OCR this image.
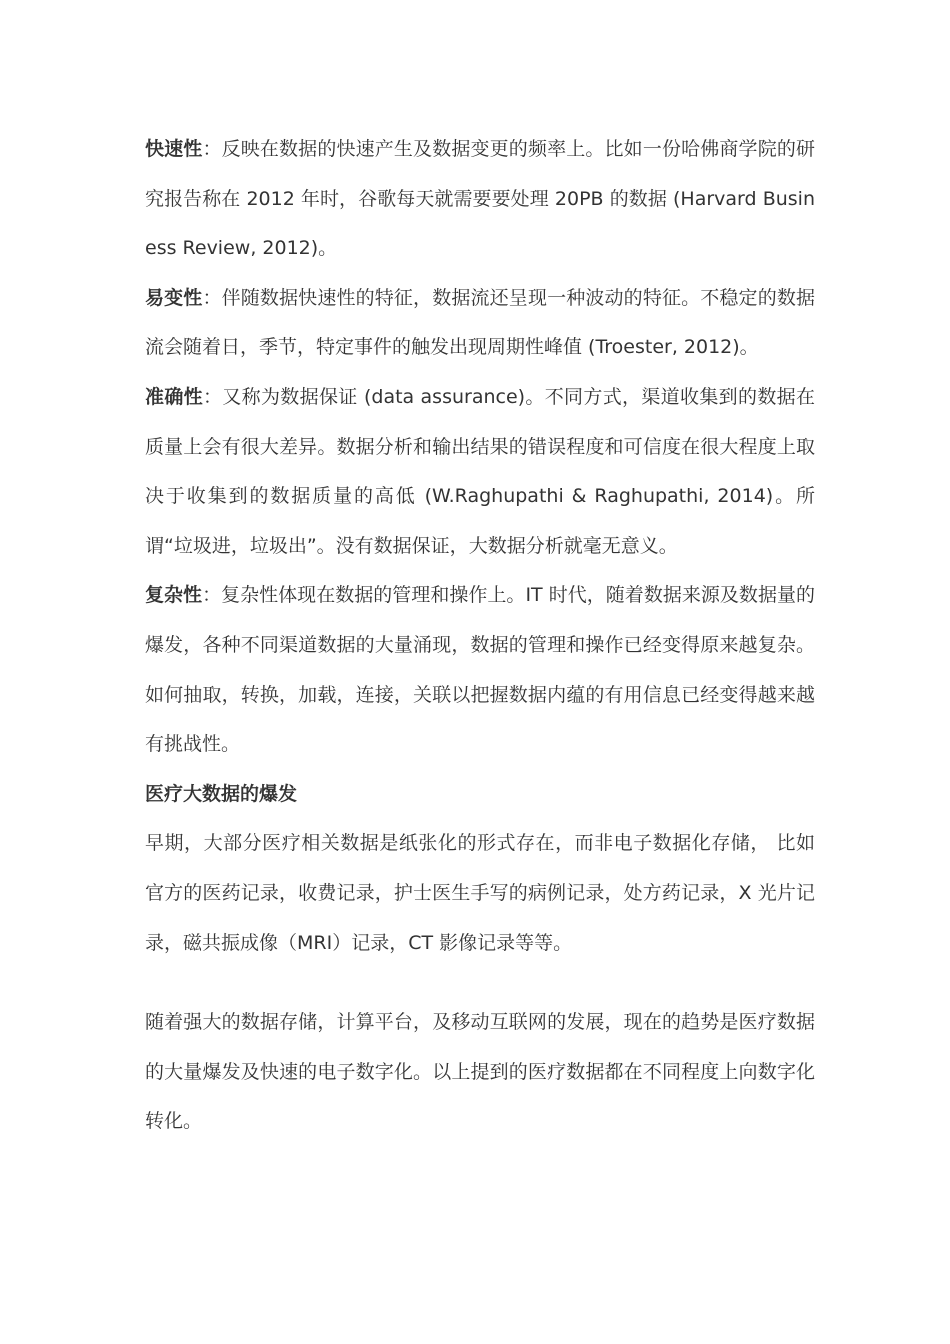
快速性：反映在数据的快速产生及数据变更的频率上。比如一份哈佛商学院的研究报告称在 2012 年时，谷歌每天就需要要处理 20PB 的数据 (Harvard Business Review, 2012)。

易变性：伴随数据快速性的特征，数据流还呈现一种波动的特征。不稳定的数据流会随着日，季节，特定事件的触发出现周期性峰值 (Troester, 2012)。

准确性：又称为数据保证 (data assurance)。不同方式，渠道收集到的数据在质量上会有很大差异。数据分析和输出结果的错误程度和可信度在很大程度上取决于收集到的数据质量的高低 (W.Raghupathi & Raghupathi, 2014)。所谓“垃圾进，垃圾出”。没有数据保证，大数据分析就毫无意义。

复杂性：复杂性体现在数据的管理和操作上。IT 时代，随着数据来源及数据量的爆发，各种不同渠道数据的大量涌现，数据的管理和操作已经变得原来越复杂。如何抽取，转换，加载，连接，关联以把握数据内蕴的有用信息已经变得越来越有挑战性。

医疗大数据的爆发

早期，大部分医疗相关数据是纸张化的形式存在，而非电子数据化存储， 比如官方的医药记录，收费记录，护士医生手写的病例记录，处方药记录，X 光片记录，磁共振成像（MRI）记录，CT 影像记录等等。

随着强大的数据存储，计算平台，及移动互联网的发展，现在的趋势是医疗数据的大量爆发及快速的电子数字化。以上提到的医疗数据都在不同程度上向数字化转化。
